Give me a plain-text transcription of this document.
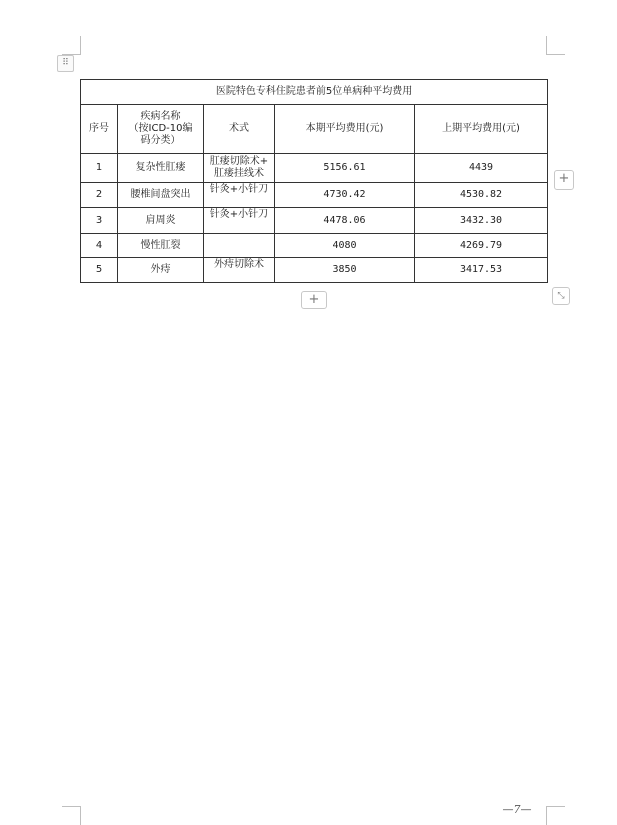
⠿
医院特色专科住院患者前5位单病种平均费用				
序号	疾病名称
（按ICD-10编
码分类）	术式	本期平均费用(元)	上期平均费用(元)
1	复杂性肛瘘	肛瘘切除术+
肛瘘挂线术	5156.61	4439
2	腰椎间盘突出	针灸+小针刀	4730.42	4530.82
3	肩周炎	针灸+小针刀	4478.06	3432.30
4	慢性肛裂		4080	4269.79
5	外痔	外痔切除术	3850	3417.53
+
+	⤡
—7—
